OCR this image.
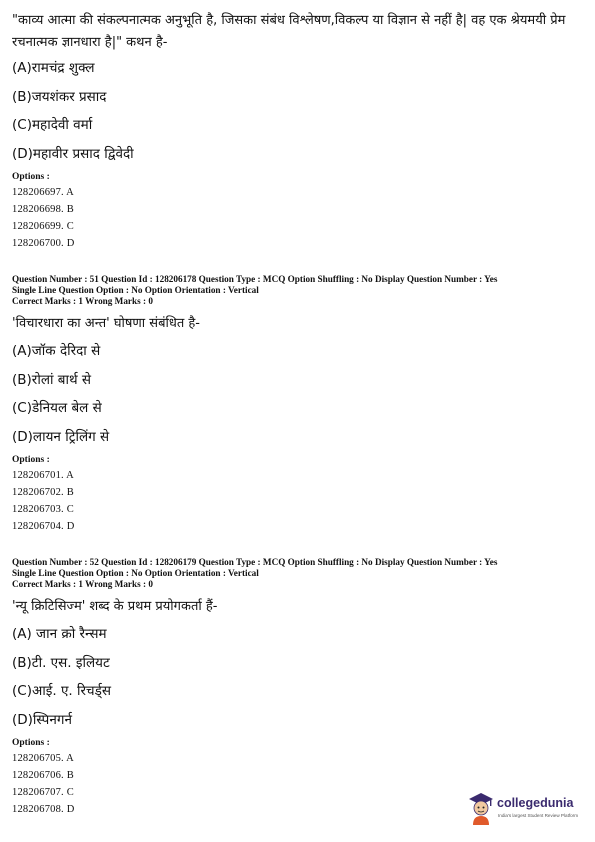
"काव्य आत्मा की संकल्पनात्मक अनुभूति है, जिसका संबंध विश्लेषण,विकल्प या विज्ञान से नहीं है| वह एक श्रेयमयी प्रेम रचनात्मक ज्ञानधारा है|" कथन है-
(A)रामचंद्र शुक्ल
(B)जयशंकर प्रसाद
(C)महादेवी वर्मा
(D)महावीर प्रसाद द्विवेदी
Options :
128206697. A
128206698. B
128206699. C
128206700. D
Question Number : 51 Question Id : 128206178 Question Type : MCQ Option Shuffling : No Display Question Number : Yes
Single Line Question Option : No Option Orientation : Vertical
Correct Marks : 1 Wrong Marks : 0
'विचारधारा का अन्त' घोषणा संबंधित है-
(A)जॉक देरिदा से
(B)रोलां बार्थ से
(C)डेनियल बेल से
(D)लायन ट्रिलिंग से
Options :
128206701. A
128206702. B
128206703. C
128206704. D
Question Number : 52 Question Id : 128206179 Question Type : MCQ Option Shuffling : No Display Question Number : Yes
Single Line Question Option : No Option Orientation : Vertical
Correct Marks : 1 Wrong Marks : 0
'न्यू क्रिटिसिज्म' शब्द के प्रथम प्रयोगकर्ता हैं-
(A) जान क्रो रैन्सम
(B)टी. एस. इलियट
(C)आई. ए. रिचर्ड्स
(D)स्पिनगर्न
Options :
128206705. A
128206706. B
128206707. C
128206708. D	collegedunia
India's largest Student Review Platform
